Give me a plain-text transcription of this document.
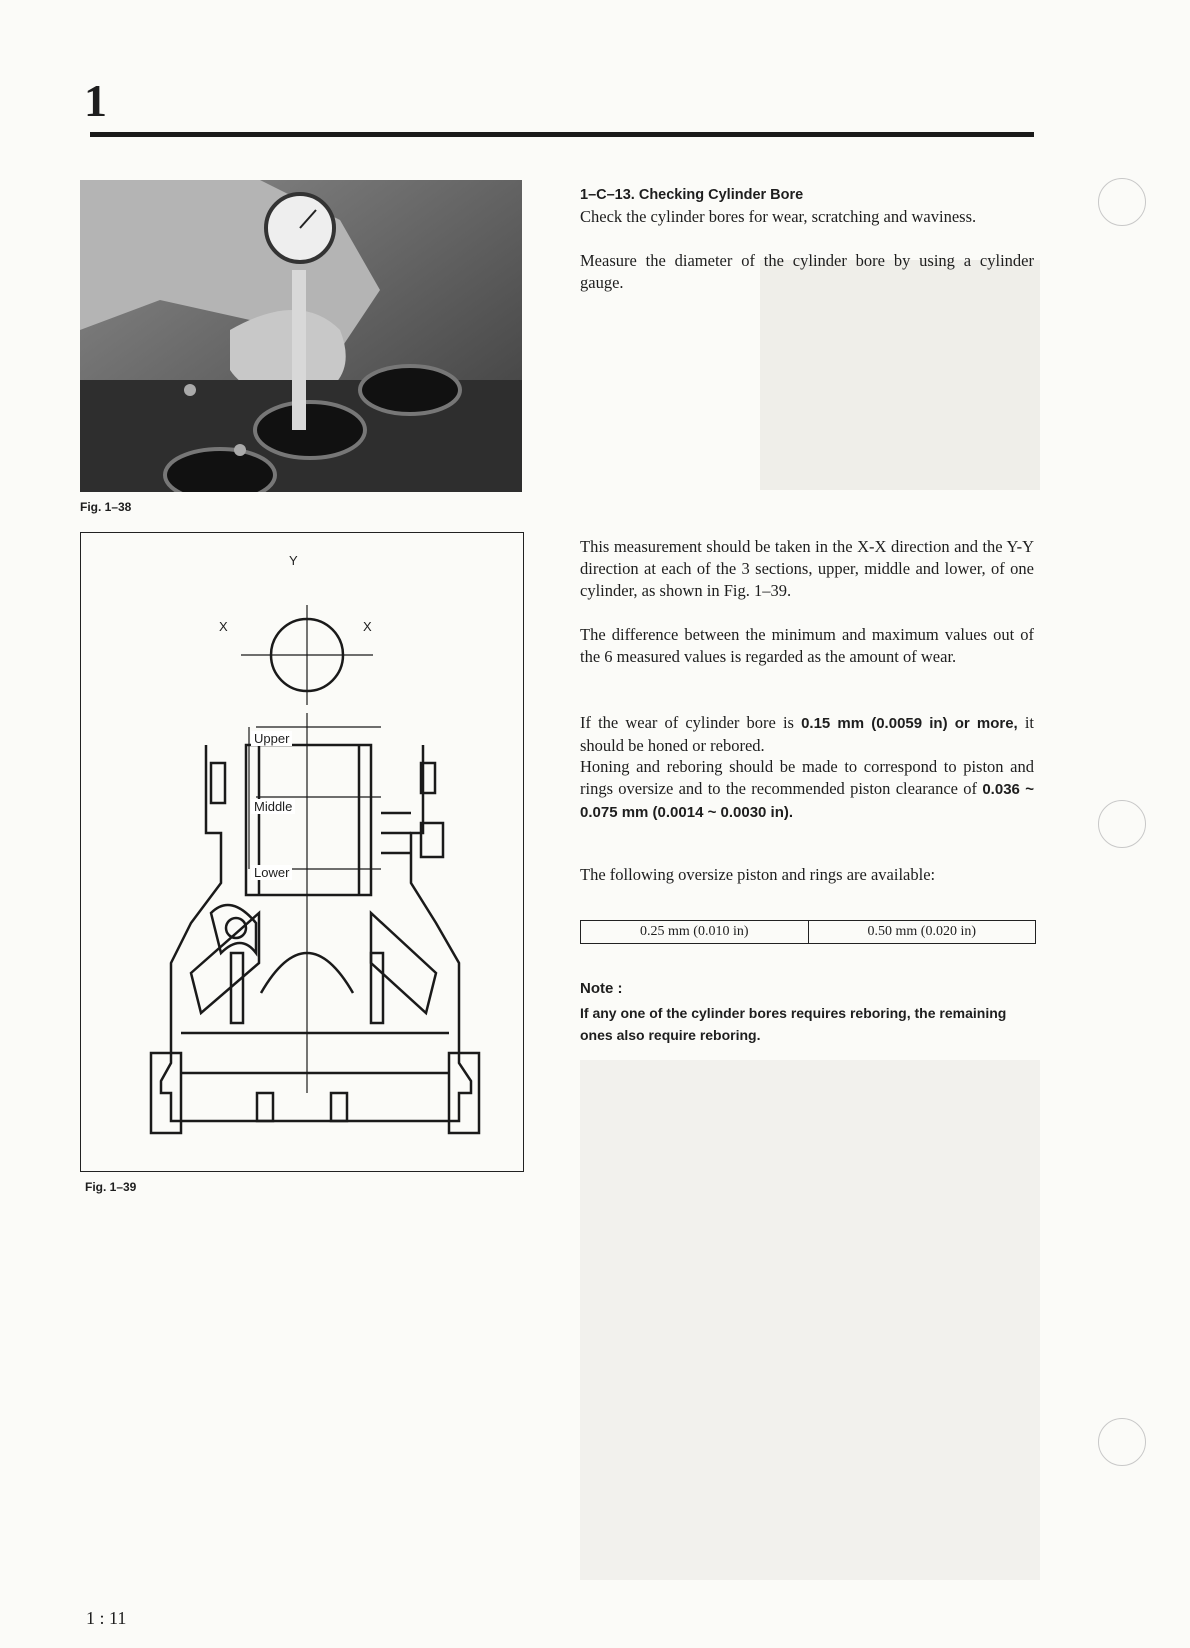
1
Fig. 1–38
Y
X	X
Upper
Middle
Lower
Fig. 1–39
1–C–13. Checking Cylinder Bore
Check the cylinder bores for wear, scratching and waviness.
Measure the diameter of the cylinder bore by using a cylinder gauge.
This measurement should be taken in the X-X direction and the Y-Y direction at each of the 3 sections, upper, middle and lower, of one cylinder, as shown in Fig. 1–39.
The difference between the minimum and maximum values out of the 6 measured values is regarded as the amount of wear.
If the wear of cylinder bore is 0.15 mm (0.0059 in) or more, it should be honed or rebored.
Honing and reboring should be made to correspond to piston and rings oversize and to the recommended piston clearance of 0.036 ~ 0.075 mm (0.0014 ~ 0.0030 in).
The following oversize piston and rings are available:
0.25 mm (0.010 in)	0.50 mm (0.020 in)
Note :
If any one of the cylinder bores requires reboring, the remaining ones also require reboring.
1 : 11
